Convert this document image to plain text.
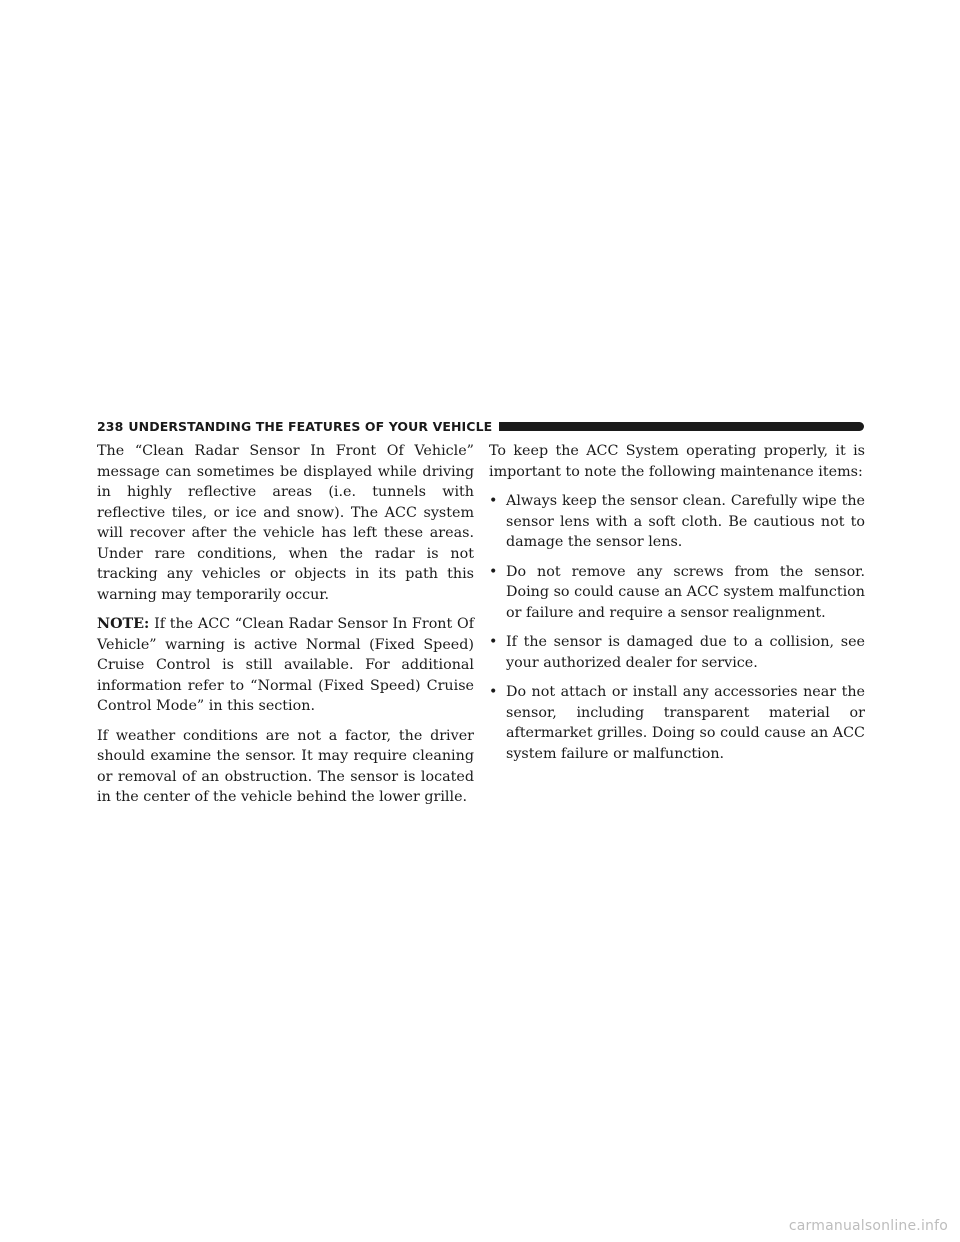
238 UNDERSTANDING THE FEATURES OF YOUR VEHICLE

The “Clean Radar Sensor In Front Of Vehicle” message can sometimes be displayed while driving in highly reflective areas (i.e. tunnels with reflective tiles, or ice and snow). The ACC system will recover after the vehicle has left these areas. Under rare conditions, when the radar is not tracking any vehicles or objects in its path this warning may temporarily occur.

NOTE: If the ACC “Clean Radar Sensor In Front Of Vehicle” warning is active Normal (Fixed Speed) Cruise Control is still available. For additional information refer to “Normal (Fixed Speed) Cruise Control Mode” in this section.

If weather conditions are not a factor, the driver should examine the sensor. It may require cleaning or removal of an obstruction. The sensor is located in the center of the vehicle behind the lower grille.

To keep the ACC System operating properly, it is important to note the following maintenance items:

• Always keep the sensor clean. Carefully wipe the sensor lens with a soft cloth. Be cautious not to damage the sensor lens.
• Do not remove any screws from the sensor. Doing so could cause an ACC system malfunction or failure and require a sensor realignment.
• If the sensor is damaged due to a collision, see your authorized dealer for service.
• Do not attach or install any accessories near the sensor, including transparent material or aftermarket grilles. Doing so could cause an ACC system failure or malfunction.
carmanualsonline.info
